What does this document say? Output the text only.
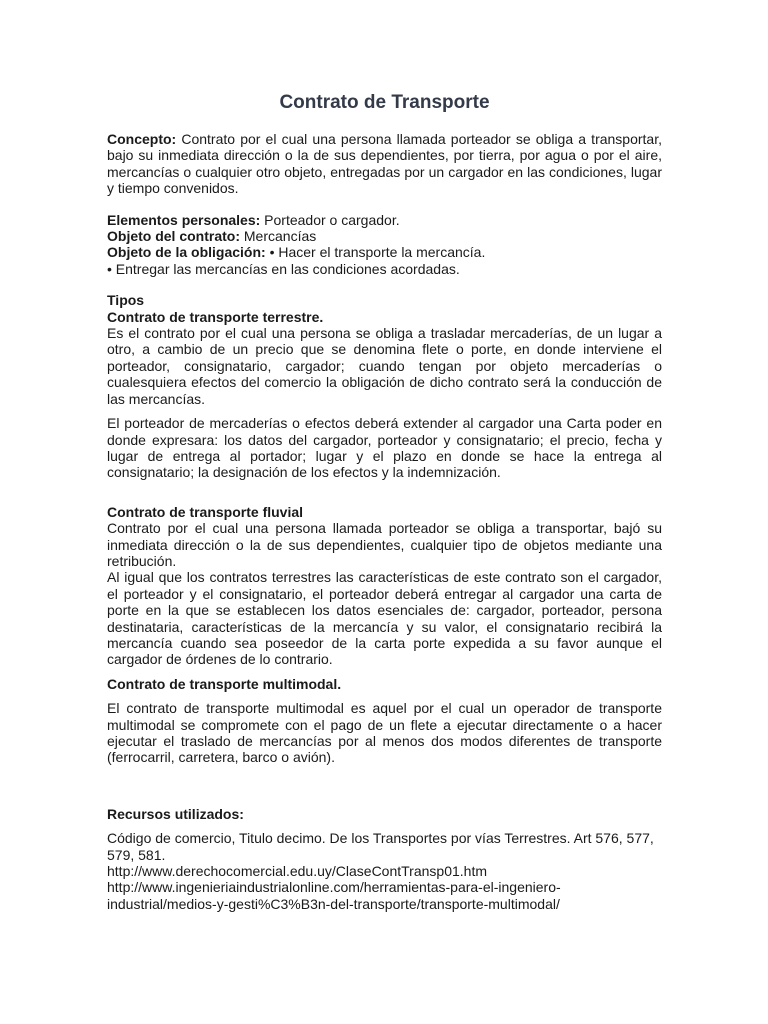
Contrato de Transporte

Concepto: Contrato por el cual una persona llamada porteador se obliga a transportar, bajo su inmediata dirección o la de sus dependientes, por tierra, por agua o por el aire, mercancías o cualquier otro objeto, entregadas por un cargador en las condiciones, lugar y tiempo convenidos.

Elementos personales: Porteador o cargador.

Objeto del contrato: Mercancías

Objeto de la obligación: • Hacer el transporte la mercancía.

• Entregar las mercancías en las condiciones acordadas.

Tipos

Contrato de transporte terrestre.

Es el contrato por el cual una persona se obliga a trasladar mercaderías, de un lugar a otro, a cambio de un precio que se denomina flete o porte, en donde interviene el porteador, consignatario, cargador; cuando tengan por objeto mercaderías o cualesquiera efectos del comercio la obligación de dicho contrato será la conducción de las mercancías.

El porteador de mercaderías o efectos deberá extender al cargador una Carta poder en donde expresara: los datos del cargador, porteador y consignatario; el precio, fecha y lugar de entrega al portador; lugar y el plazo en donde se hace la entrega al consignatario; la designación de los efectos y la indemnización.

Contrato de transporte fluvial

Contrato por el cual una persona llamada porteador se obliga a transportar, bajó su inmediata dirección o la de sus dependientes, cualquier tipo de objetos mediante una retribución.

Al igual que los contratos terrestres las características de este contrato son el cargador, el porteador y el consignatario, el porteador deberá entregar al cargador una carta de porte en la que se establecen los datos esenciales de: cargador, porteador, persona destinataria, características de la mercancía y su valor, el consignatario recibirá la mercancía cuando sea poseedor de la carta porte expedida a su favor aunque el cargador de órdenes de lo contrario.

Contrato de transporte multimodal.

El contrato de transporte multimodal es aquel por el cual un operador de transporte multimodal se compromete con el pago de un flete a ejecutar directamente o a hacer ejecutar el traslado de mercancías por al menos dos modos diferentes de transporte (ferrocarril, carretera, barco o avión).

Recursos utilizados:

Código de comercio, Titulo decimo. De los Transportes por vías Terrestres. Art 576, 577, 579, 581.

http://www.derechocomercial.edu.uy/ClaseContTransp01.htm
http://www.ingenieriaindustrialonline.com/herramientas-para-el-ingeniero-industrial/medios-y-gesti%C3%B3n-del-transporte/transporte-multimodal/
